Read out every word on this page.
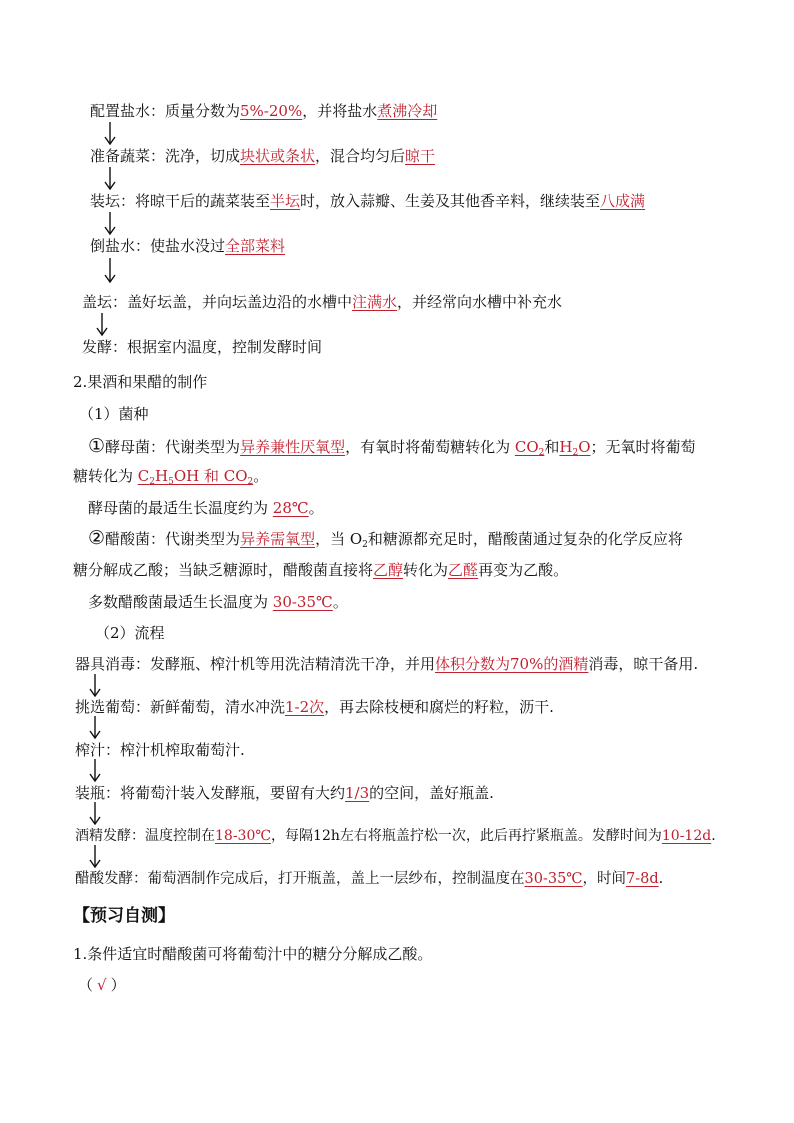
配置盐水：质量分数为5%-20%，并将盐水煮沸冷却
准备蔬菜：洗净，切成块状或条状，混合均匀后晾干
装坛：将晾干后的蔬菜装至半坛时，放入蒜瓣、生姜及其他香辛料，继续装至八成满
倒盐水：使盐水没过全部菜料
盖坛：盖好坛盖，并向坛盖边沿的水槽中注满水，并经常向水槽中补充水
发酵：根据室内温度，控制发酵时间
2.果酒和果醋的制作
（1）菌种
①酵母菌：代谢类型为异养兼性厌氧型，有氧时将葡萄糖转化为 $CO_2$和$H_2O$；无氧时将葡萄
糖转化为 $C_2H_5OH$ 和 $CO_2$。
酵母菌的最适生长温度约为 28℃。
②醋酸菌：代谢类型为异养需氧型，当 $O_2$和糖源都充足时，醋酸菌通过复杂的化学反应将
糖分解成乙酸；当缺乏糖源时，醋酸菌直接将乙醇转化为乙醛再变为乙酸。
多数醋酸菌最适生长温度为 30-35℃。
（2）流程
器具消毒：发酵瓶、榨汁机等用洗洁精清洗干净，并用体积分数为70%的酒精消毒，晾干备用.
挑选葡萄：新鲜葡萄，清水冲洗1-2次，再去除枝梗和腐烂的籽粒，沥干.
榨汁：榨汁机榨取葡萄汁.
装瓶：将葡萄汁装入发酵瓶，要留有大约1/3的空间，盖好瓶盖.
酒精发酵：温度控制在18-30℃，每隔12h左右将瓶盖拧松一次，此后再拧紧瓶盖。发酵时间为10-12d.
醋酸发酵：葡萄酒制作完成后，打开瓶盖，盖上一层纱布，控制温度在30-35℃，时间7-8d.
【预习自测】
1.条件适宜时醋酸菌可将葡萄汁中的糖分分解成乙酸。
（ √ ）
